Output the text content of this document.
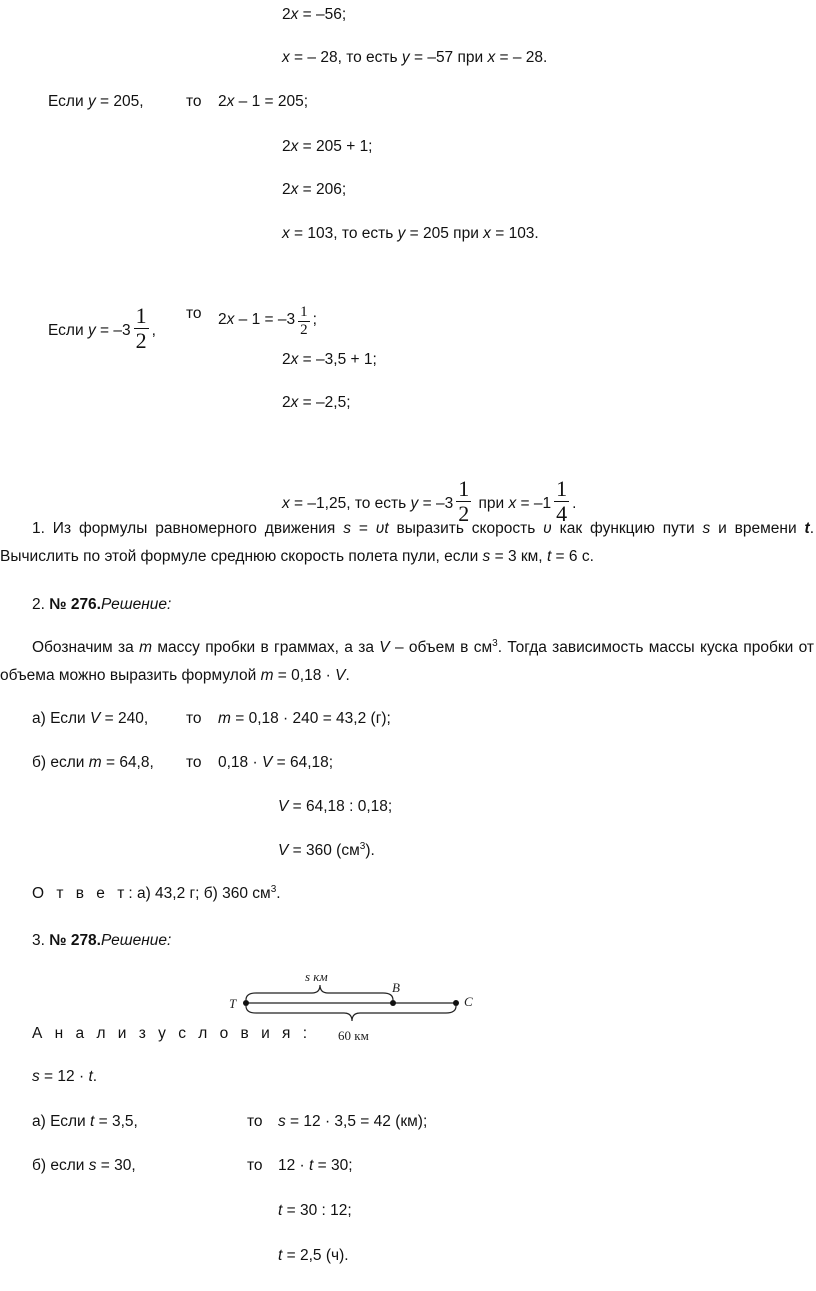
2x = –56;
x = – 28, то есть y = –57 при x = – 28.
Если y = 205,	то 2x – 1 = 205;
2x = 205 + 1;
2x = 206;
x = 103, то есть y = 205 при x = 103.
Если $y = -3 \frac{1}{2}$ ,
то $2x - 1 = -3 \frac{1}{2}$ ;
2x = –3,5 + 1;
2x = –2,5;
x = –1,25, то есть $y = -3 \frac{1}{2}$ при $x = -1 \frac{1}{4}$ .
1. Из формулы равномерного движения s = υt выразить скорость υ как функцию пути s и времени t. Вычислить по этой формуле среднюю скорость полета пули, если s = 3 км, t = 6 с.
2. № 276.Решение:
Обозначим за m массу пробки в граммах, а за V – объем в $см^3$. Тогда зависимость массы куска пробки от объема можно выразить формулой m = 0,18 · V.
а) Если V = 240, то m = 0,18 · 240 = 43,2 (г);
б) если m = 64,8, то 0,18 · V = 64,18;
V = 64,18 : 0,18;
V = 360 $(см^3)$.
О т в е т: а) 43,2 г; б) 360 $см^3$.
3. № 278.Решение:
s км
B
T	C
60 км
А н а л и з у с л о в и я :
s = 12 · t.
а) Если t = 3,5,	то s = 12 · 3,5 = 42 (км);
б) если s = 30,	то 12 · t = 30;
t = 30 : 12;
t = 2,5 (ч).
